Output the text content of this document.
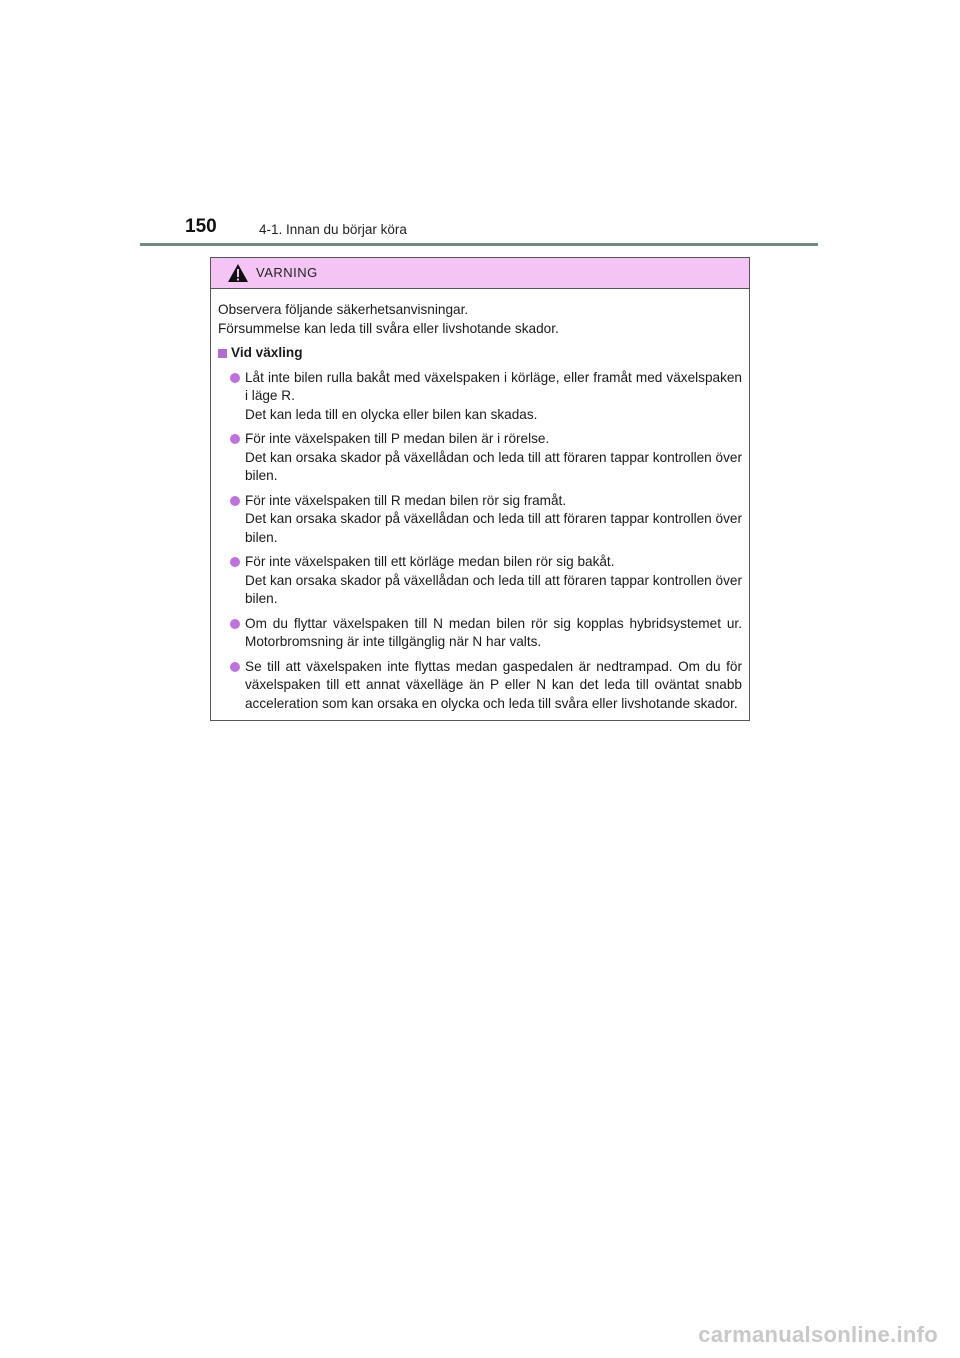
150	4-1. Innan du börjar köra
VARNING

Observera följande säkerhetsanvisningar.

Försummelse kan leda till svåra eller livshotande skador.

Vid växling
Låt inte bilen rulla bakåt med växelspaken i körläge, eller framåt med växelspaken i läge R.
Det kan leda till en olycka eller bilen kan skadas.
För inte växelspaken till P medan bilen är i rörelse.
Det kan orsaka skador på växellådan och leda till att föraren tappar kontrollen över bilen.
För inte växelspaken till R medan bilen rör sig framåt.
Det kan orsaka skador på växellådan och leda till att föraren tappar kontrollen över bilen.
För inte växelspaken till ett körläge medan bilen rör sig bakåt.
Det kan orsaka skador på växellådan och leda till att föraren tappar kontrollen över bilen.
Om du flyttar växelspaken till N medan bilen rör sig kopplas hybridsystemet ur. Motorbromsning är inte tillgänglig när N har valts.
Se till att växelspaken inte flyttas medan gaspedalen är nedtrampad. Om du för växelspaken till ett annat växelläge än P eller N kan det leda till oväntat snabb acceleration som kan orsaka en olycka och leda till svåra eller livshotande skador.
carmanualsonline.info
